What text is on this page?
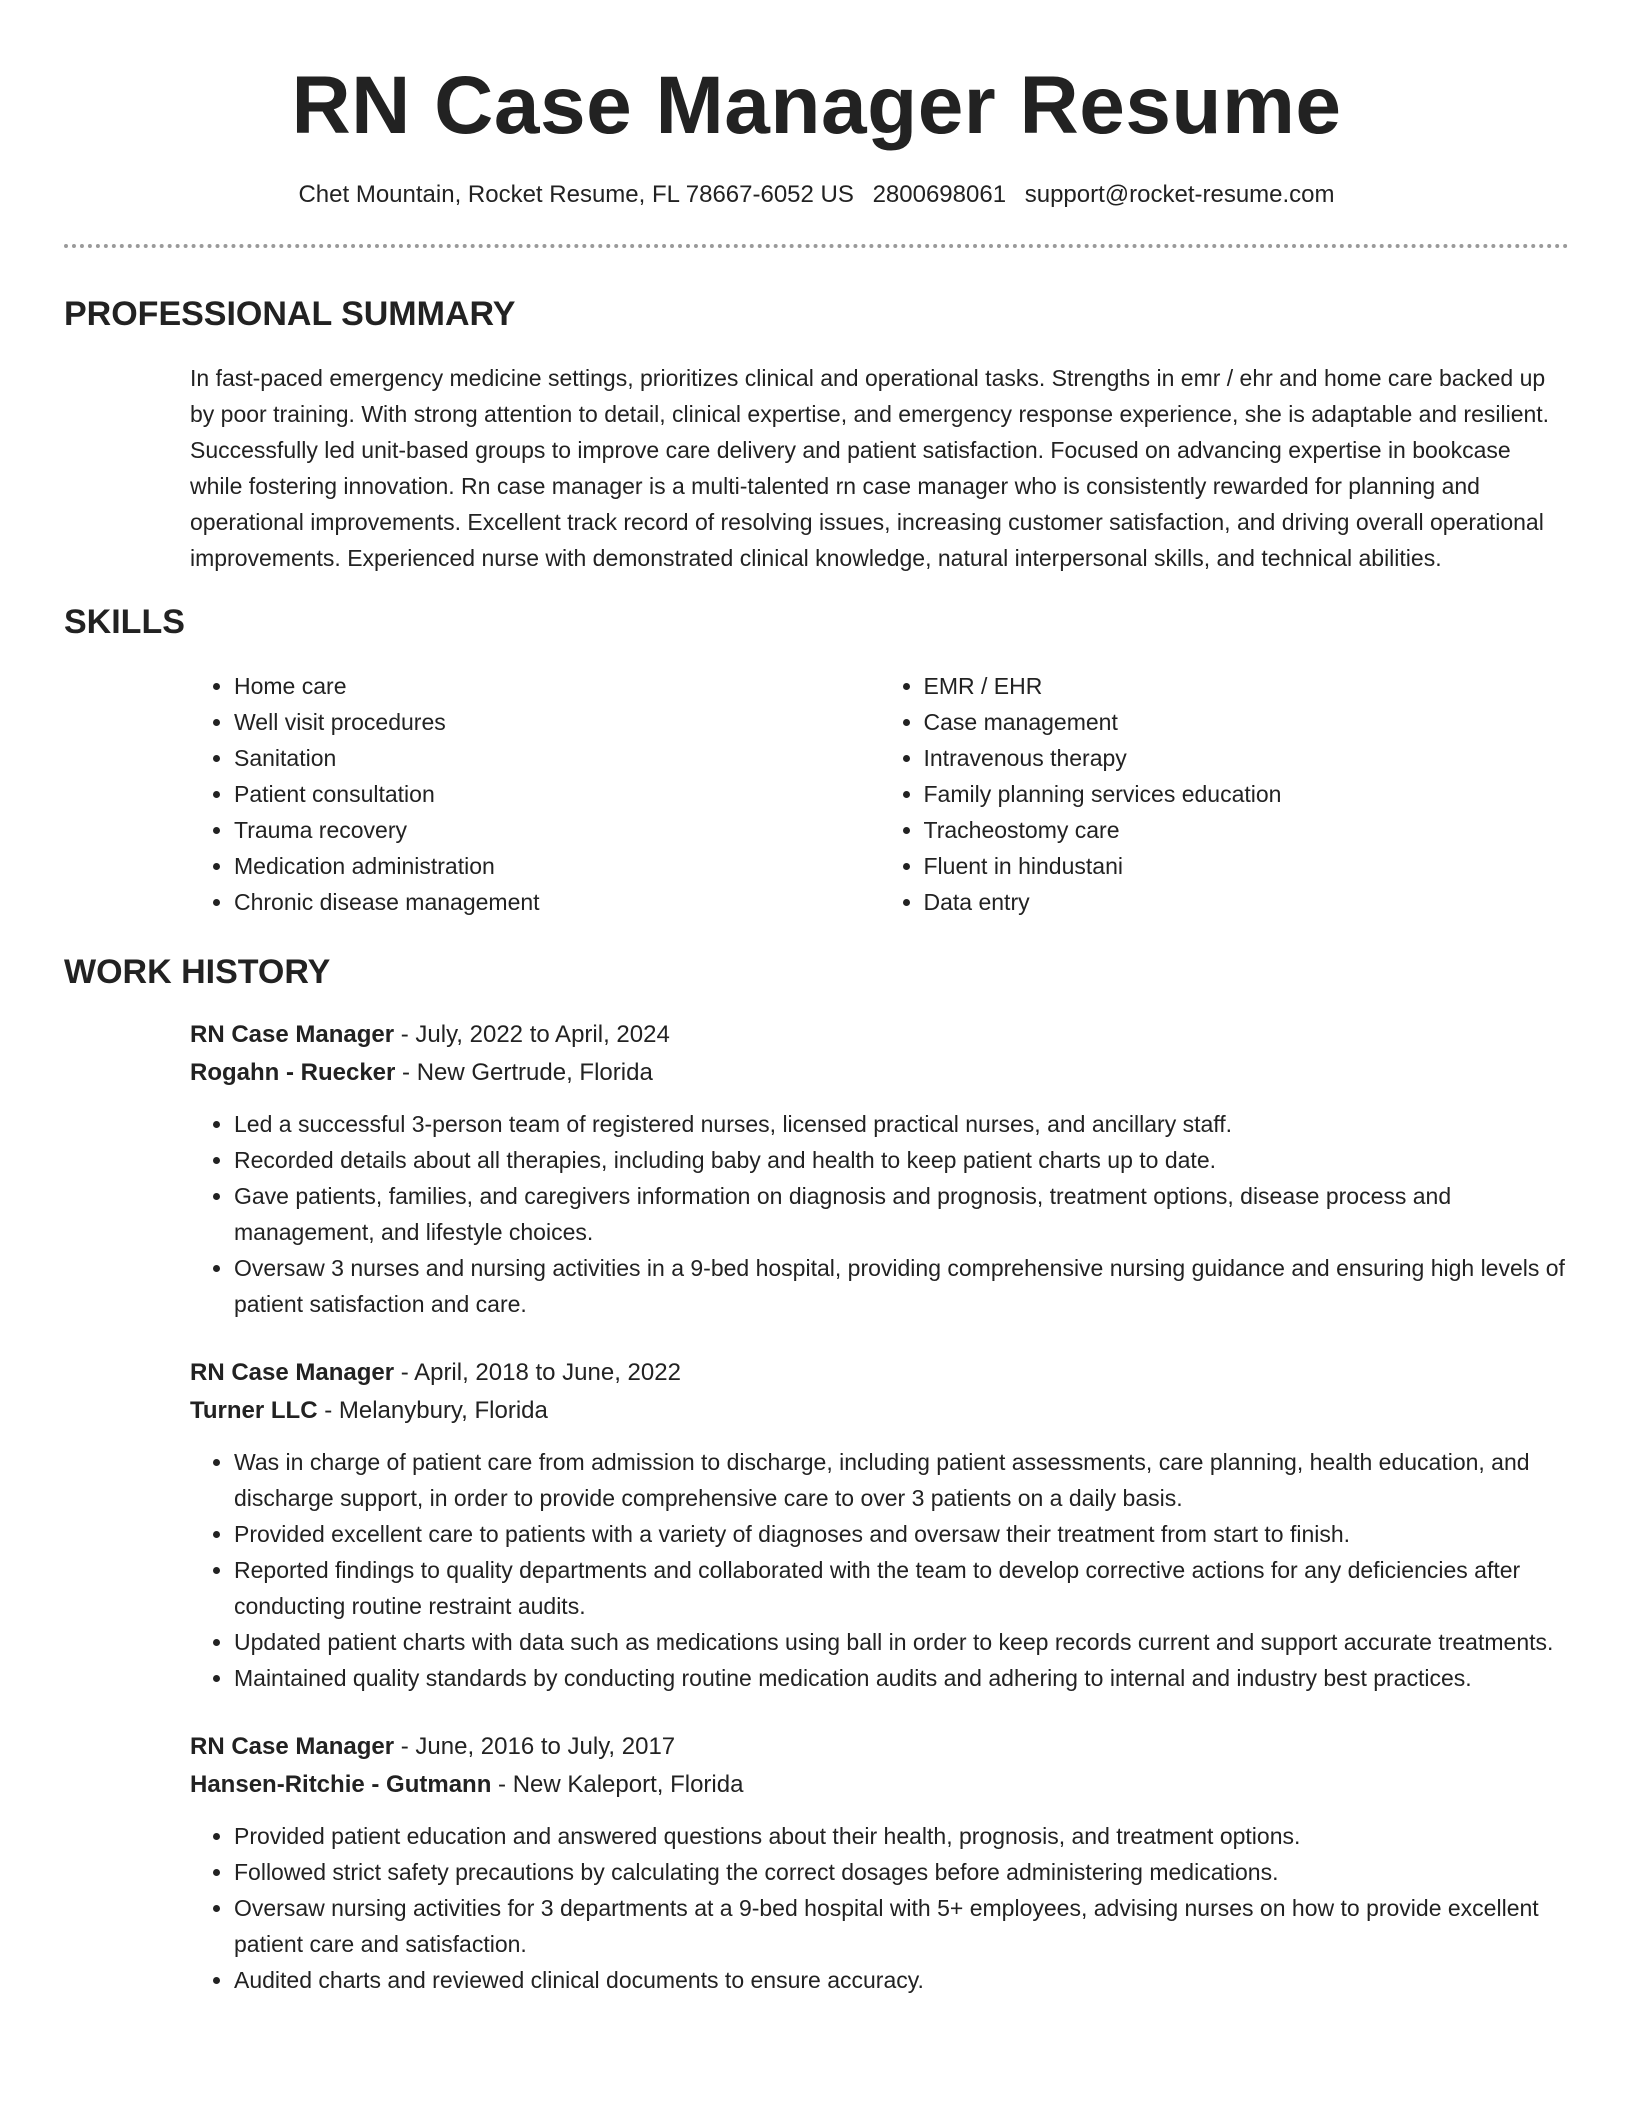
RN Case Manager Resume
Chet Mountain, Rocket Resume, FL 78667-6052 US 2800698061 support@rocket-resume.com
PROFESSIONAL SUMMARY

In fast-paced emergency medicine settings, prioritizes clinical and operational tasks. Strengths in emr / ehr and home care backed up by poor training. With strong attention to detail, clinical expertise, and emergency response experience, she is adaptable and resilient. Successfully led unit-based groups to improve care delivery and patient satisfaction. Focused on advancing expertise in bookcase while fostering innovation. Rn case manager is a multi-talented rn case manager who is consistently rewarded for planning and operational improvements. Excellent track record of resolving issues, increasing customer satisfaction, and driving overall operational improvements. Experienced nurse with demonstrated clinical knowledge, natural interpersonal skills, and technical abilities.

SKILLS
• Home care
• Well visit procedures
• Sanitation
• Patient consultation
• Trauma recovery
• Medication administration
• Chronic disease management
• EMR / EHR
• Case management
• Intravenous therapy
• Family planning services education
• Tracheostomy care
• Fluent in hindustani
• Data entry
WORK HISTORY
RN Case Manager - July, 2022 to April, 2024
Rogahn - Ruecker - New Gertrude, Florida
• Led a successful 3-person team of registered nurses, licensed practical nurses, and ancillary staff.
• Recorded details about all therapies, including baby and health to keep patient charts up to date.
• Gave patients, families, and caregivers information on diagnosis and prognosis, treatment options, disease process and management, and lifestyle choices.
• Oversaw 3 nurses and nursing activities in a 9-bed hospital, providing comprehensive nursing guidance and ensuring high levels of patient satisfaction and care.
RN Case Manager - April, 2018 to June, 2022
Turner LLC - Melanybury, Florida
• Was in charge of patient care from admission to discharge, including patient assessments, care planning, health education, and discharge support, in order to provide comprehensive care to over 3 patients on a daily basis.
• Provided excellent care to patients with a variety of diagnoses and oversaw their treatment from start to finish.
• Reported findings to quality departments and collaborated with the team to develop corrective actions for any deficiencies after conducting routine restraint audits.
• Updated patient charts with data such as medications using ball in order to keep records current and support accurate treatments.
• Maintained quality standards by conducting routine medication audits and adhering to internal and industry best practices.
RN Case Manager - June, 2016 to July, 2017
Hansen-Ritchie - Gutmann - New Kaleport, Florida
• Provided patient education and answered questions about their health, prognosis, and treatment options.
• Followed strict safety precautions by calculating the correct dosages before administering medications.
• Oversaw nursing activities for 3 departments at a 9-bed hospital with 5+ employees, advising nurses on how to provide excellent patient care and satisfaction.
• Audited charts and reviewed clinical documents to ensure accuracy.
